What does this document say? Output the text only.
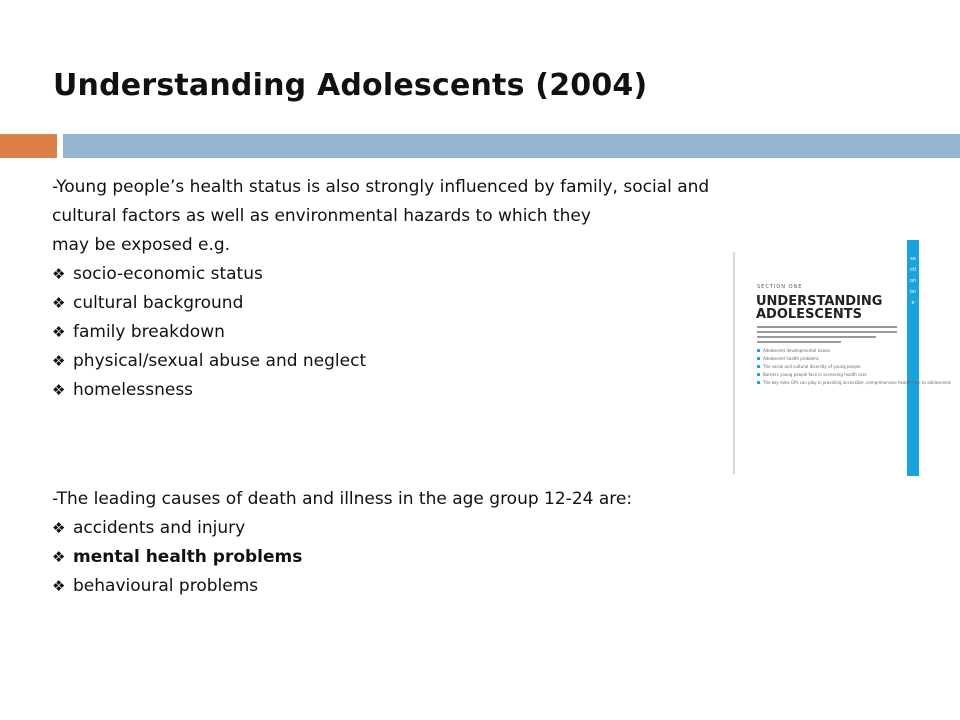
Understanding Adolescents (2004)
-Young people’s health status is also strongly influenced by family, social and
cultural factors as well as environmental hazards to which they
may be exposed e.g.
❖ socio-economic status
❖ cultural background
❖ family breakdown
❖ physical/sexual abuse and neglect
❖ homelessness
-The leading causes of death and illness in the age group 12-24 are:
❖ accidents and injury
❖ mental health problems
❖ behavioural problems
section one
SECTION ONE
UNDERSTANDING
ADOLESCENTS
Adolescent developmental issues
Adolescent health problems
The social and cultural diversity of young people
Barriers young people face in accessing health care
The key roles GPs can play in providing accessible, comprehensive health care to adolescents
